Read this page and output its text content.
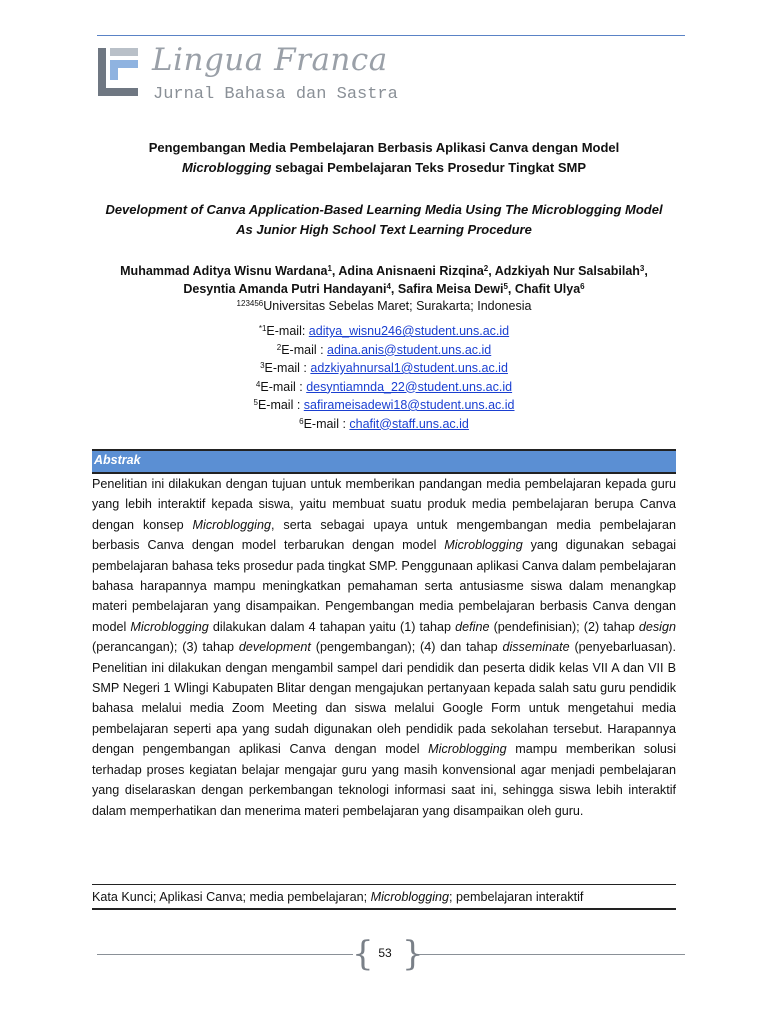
Lingua Franca
Jurnal Bahasa dan Sastra
Pengembangan Media Pembelajaran Berbasis Aplikasi Canva dengan Model
Microblogging sebagai Pembelajaran Teks Prosedur Tingkat SMP
Development of Canva Application-Based Learning Media Using The Microblogging Model
As Junior High School Text Learning Procedure
Muhammad Aditya Wisnu Wardana$^1$, Adina Anisnaeni Rizqina$^2$, Adzkiyah Nur Salsabilah$^3$,
Desyntia Amanda Putri Handayani$^4$, Safira Meisa Dewi$^5$, Chafit Ulya$^6$
$^{123456}$Universitas Sebelas Maret; Surakarta; Indonesia
$^{*1}$E-mail: aditya_wisnu246@student.uns.ac.id
$^2$E-mail : adina.anis@student.uns.ac.id
$^3$E-mail : adzkiyahnursal1@student.uns.ac.id
$^4$E-mail : desyntiamnda_22@student.uns.ac.id
$^5$E-mail : safirameisadewi18@student.uns.ac.id
$^6$E-mail : chafit@staff.uns.ac.id
Abstrak
Penelitian ini dilakukan dengan tujuan untuk memberikan pandangan media pembelajaran kepada guru yang lebih interaktif kepada siswa, yaitu membuat suatu produk media pembelajaran berupa Canva dengan konsep Microblogging, serta sebagai upaya untuk mengembangan media pembelajaran berbasis Canva dengan model terbarukan dengan model Microblogging yang digunakan sebagai pembelajaran bahasa teks prosedur pada tingkat SMP. Penggunaan aplikasi Canva dalam pembelajaran bahasa harapannya mampu meningkatkan pemahaman serta antusiasme siswa dalam menangkap materi pembelajaran yang disampaikan. Pengembangan media pembelajaran berbasis Canva dengan model Microblogging dilakukan dalam 4 tahapan yaitu (1) tahap define (pendefinisian); (2) tahap design (perancangan); (3) tahap development (pengembangan); (4) dan tahap disseminate (penyebarluasan). Penelitian ini dilakukan dengan mengambil sampel dari pendidik dan peserta didik kelas VII A dan VII B SMP Negeri 1 Wlingi Kabupaten Blitar dengan mengajukan pertanyaan kepada salah satu guru pendidik bahasa melalui media Zoom Meeting dan siswa melalui Google Form untuk mengetahui media pembelajaran seperti apa yang sudah digunakan oleh pendidik pada sekolahan tersebut. Harapannya dengan pengembangan aplikasi Canva dengan model Microblogging mampu memberikan solusi terhadap proses kegiatan belajar mengajar guru yang masih konvensional agar menjadi pembelajaran yang diselaraskan dengan perkembangan teknologi informasi saat ini, sehingga siswa lebih interaktif dalam memperhatikan dan menerima materi pembelajaran yang disampaikan oleh guru.
Kata Kunci; Aplikasi Canva; media pembelajaran; Microblogging; pembelajaran interaktif
{ 53 }
